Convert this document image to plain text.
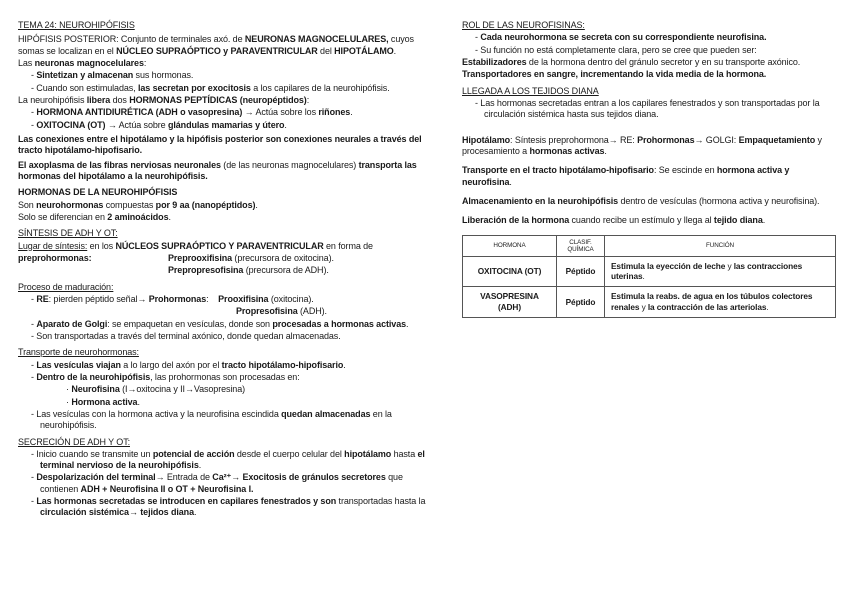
TEMA 24: NEUROHIPÓFISIS
HIPÓFISIS POSTERIOR: Conjunto de terminales axó. de NEURONAS MAGNOCELULARES, cuyos somas se localizan en el NÚCLEO SUPRAÓPTICO y PARAVENTRICULAR del HIPOTÁLAMO.
Las neuronas magnocelulares:
- Sintetizan y almacenan sus hormonas.
- Cuando son estimuladas, las secretan por exocitosis a los capilares de la neurohipófisis.
La neurohipófisis libera dos HORMONAS PEPTÍDICAS (neuropéptidos):
- HORMONA ANTIDIURÉTICA (ADH o vasopresina) → Actúa sobre los riñones.
- OXITOCINA (OT) → Actúa sobre glándulas mamarias y útero.
Las conexiones entre el hipotálamo y la hipófisis posterior son conexiones neurales a través del tracto hipotálamo-hipofisario.
El axoplasma de las fibras nerviosas neuronales (de las neuronas magnocelulares) transporta las hormonas del hipotálamo a la neurohipófisis.
HORMONAS DE LA NEUROHIPÓFISIS
Son neurohormonas compuestas por 9 aa (nanopéptidos).
Solo se diferencian en 2 aminoácidos.
SÍNTESIS DE ADH Y OT:
Lugar de síntesis: en los NÚCLEOS SUPRAÓPTICO Y PARAVENTRICULAR en forma de
preprohormonas:	Preprooxifisina (precursora de oxitocina).
Prepropresofisina (precursora de ADH).
Proceso de maduración:
- RE: pierden péptido señal→ Prohormonas:    Prooxifisina (oxitocina).
Propresofisina (ADH).
- Aparato de Golgi: se empaquetan en vesículas, donde son procesadas a hormonas activas.
- Son transportadas a través del terminal axónico, donde quedan almacenadas.
Transporte de neurohormonas:
- Las vesículas viajan a lo largo del axón por el tracto hipotálamo-hipofisario.
- Dentro de la neurohipófisis, las prohormonas son procesadas en:
· Neurofisina (I→oxitocina y II→Vasopresina)
· Hormona activa.
- Las vesículas con la hormona activa y la neurofisina escindida quedan almacenadas en la neurohipófisis.
SECRECIÓN DE ADH Y OT:
- Inicio cuando se transmite un potencial de acción desde el cuerpo celular del hipotálamo hasta el terminal nervioso de la neurohipófisis.
- Despolarización del terminal→ Entrada de Ca²⁺→ Exocitosis de gránulos secretores que contienen ADH + Neurofisina II o OT + Neurofisina I.
- Las hormonas secretadas se introducen en capilares fenestrados y son transportadas hasta la circulación sistémica→ tejidos diana.
ROL DE LAS NEUROFISINAS:
- Cada neurohormona se secreta con su correspondiente neurofisina.
- Su función no está completamente clara, pero se cree que pueden ser:
Estabilizadores de la hormona dentro del gránulo secretor y en su transporte axónico.
Transportadores en sangre, incrementando la vida media de la hormona.
LLEGADA A LOS TEJIDOS DIANA
- Las hormonas secretadas entran a los capilares fenestrados y son transportadas por la circulación sistémica hasta sus tejidos diana.
Hipotálamo: Síntesis preprohormona→ RE: Prohormonas→ GOLGI: Empaquetamiento y procesamiento a hormonas activas.
Transporte en el tracto hipotálamo-hipofisario: Se escinde en hormona activa y neurofisina.
Almacenamiento en la neurohipófisis dentro de vesículas (hormona activa y neurofisina).
Liberación de la hormona cuando recibe un estímulo y llega al tejido diana.
HORMONA	CLASIF. QUÍMICA	FUNCIÓN
OXITOCINA (OT)	Péptido	Estimula la eyección de leche y las contracciones uterinas.
VASOPRESINA (ADH)	Péptido	Estimula la reabs. de agua en los túbulos colectores renales y la contracción de las arteriolas.
